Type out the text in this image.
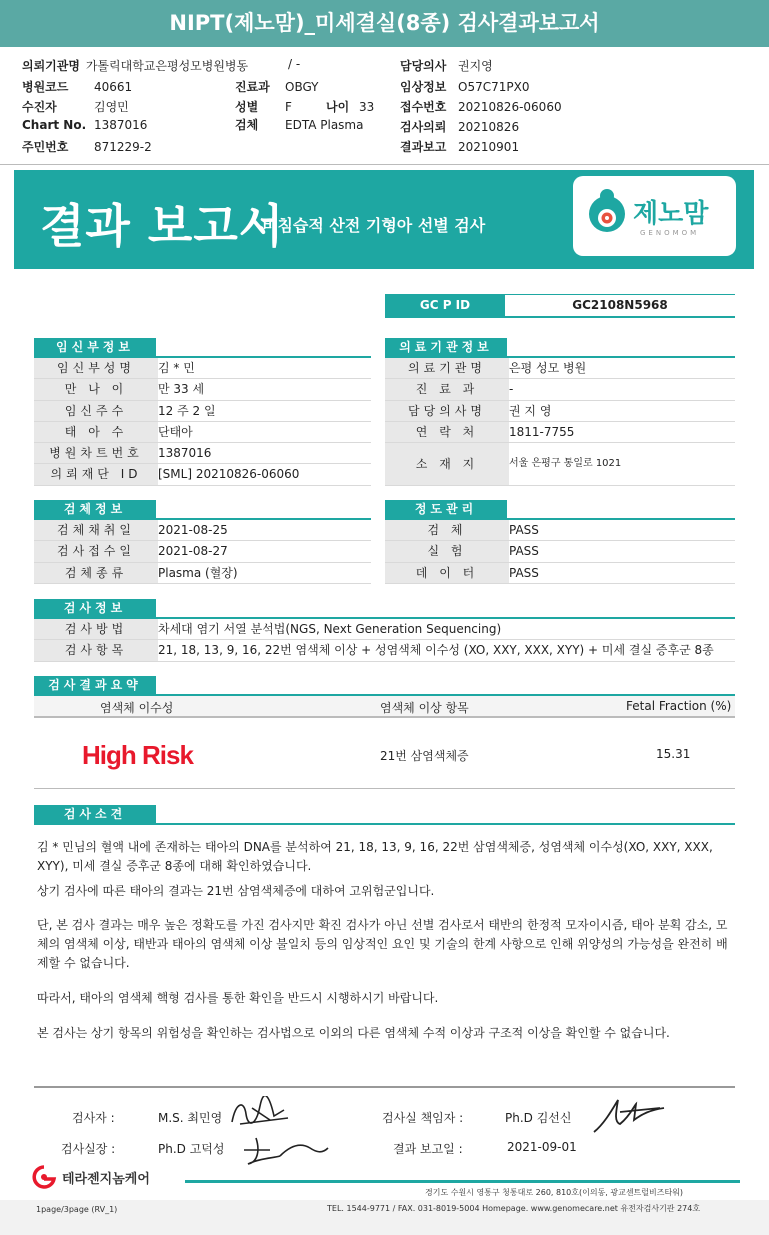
NIPT(제노맘)_미세결실(8종) 검사결과보고서
의뢰기관명 가톨릭대학교은평성모병원병동	/ -
병원코드 40661	진료과 OBGY
수진자	김영민	성별 F	나이 33
Chart No. 1387016	검체 EDTA Plasma
주민번호 871229-2
담당의사 권지영
임상정보 O57C71PX0
접수번호 20210826-06060
검사의뢰 20210826
결과보고 20210901
결과 보고서
비침습적 산전 기형아 선별 검사	제노맘
GENOMOM
GC P ID	GC2108N5968
임신부정보
임신부성명	김 * 민
만 나 이	만 33 세
임신주수	12 주 2 일
태 아 수	단태아
병원차트번호	1387016
의뢰재단 ID	[SML] 20210826-06060
의료기관정보
의료기관명	은평 성모 병원
진 료 과	-
담당의사명	권 지 영
연 락 처	1811-7755
소 재 지	서울 은평구 통일로 1021
검체정보
검체채취일	2021-08-25
검사접수일	2021-08-27
검체종류	Plasma (혈장)
정도관리
검 체	PASS
실 험	PASS
데 이 터	PASS
검사정보
검사방법	차세대 염기 서열 분석법(NGS, Next Generation Sequencing)
검사항목	21, 18, 13, 9, 16, 22번 염색체 이상 + 성염색체 이수성 (XO, XXY, XXX, XYY) + 미세 결실 증후군 8종
검사결과요약
염색체 이수성	염색체 이상 항목	Fetal Fraction (%)
High Risk	21번 삼염색체증	15.31
검사소견
김 * 민님의 혈액 내에 존재하는 태아의 DNA를 분석하여 21, 18, 13, 9, 16, 22번 삼염색체증, 성염색체 이수성(XO, XXY, XXX, XYY), 미세 결실 증후군 8종에 대해 확인하였습니다.
상기 검사에 따른 태아의 결과는 21번 삼염색체증에 대하여 고위험군입니다.
단, 본 검사 결과는 매우 높은 정확도를 가진 검사지만 확진 검사가 아닌 선별 검사로서 태반의 한정적 모자이시즘, 태아 분획 감소, 모체의 염색체 이상, 태반과 태아의 염색체 이상 불일치 등의 임상적인 요인 및 기술의 한계 사항으로 인해 위양성의 가능성을 완전히 배제할 수 없습니다.
따라서, 태아의 염색체 핵형 검사를 통한 확인을 반드시 시행하시기 바랍니다.
본 검사는 상기 항목의 위험성을 확인하는 검사법으로 이외의 다른 염색체 수적 이상과 구조적 이상을 확인할 수 없습니다.
검사자 :	M.S. 최민영	검사실 책임자 :	Ph.D 김선신
검사실장 :	Ph.D 고덕성	결과 보고일 :	2021-09-01
테라젠지놈케어
경기도 수원시 영통구 청통대로 260, 810호(이의동, 광교센트럴비즈타워)
TEL. 1544-9771 / FAX. 031-8019-5004 Homepage. www.genomecare.net 유전자검사기관 274호
1page/3page (RV_1)
